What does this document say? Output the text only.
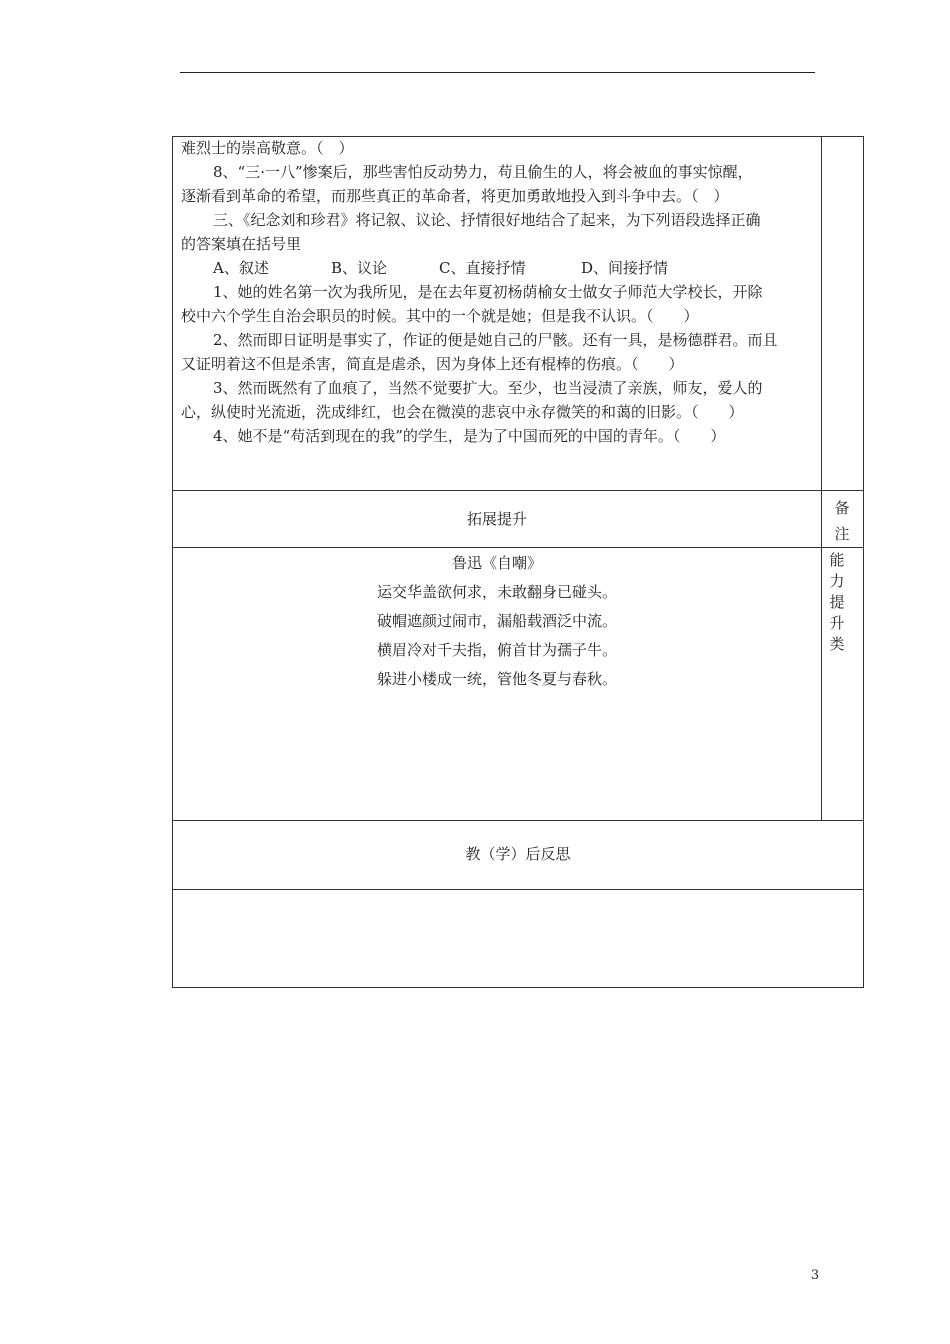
难烈士的崇高敬意。（　）
8、“三·一八”惨案后，那些害怕反动势力，苟且偷生的人，将会被血的事实惊醒，
逐渐看到革命的希望，而那些真正的革命者，将更加勇敢地投入到斗争中去。（　）
三、《纪念刘和珍君》将记叙、议论、抒情很好地结合了起来，为下列语段选择正确
的答案填在括号里
A、叙述	B、议论	C、直接抒情	D、间接抒情
1、她的姓名第一次为我所见，是在去年夏初杨荫榆女士做女子师范大学校长，开除
校中六个学生自治会职员的时候。其中的一个就是她；但是我不认识。（　　）
2、然而即日证明是事实了，作证的便是她自己的尸骸。还有一具，是杨德群君。而且
又证明着这不但是杀害，简直是虐杀，因为身体上还有棍棒的伤痕。（　　）
3、然而既然有了血痕了，当然不觉要扩大。至少，也当浸渍了亲族，师友，爱人的
心，纵使时光流逝，洗成绯红，也会在微漠的悲哀中永存微笑的和蔼的旧影。（　　）
4、她不是“苟活到现在的我”的学生，是为了中国而死的中国的青年。（　　）
拓展提升
备注
鲁迅《自嘲》
运交华盖欲何求，未敢翻身已碰头。
破帽遮颜过闹市，漏船载酒泛中流。
横眉冷对千夫指，俯首甘为孺子牛。
躲进小楼成一统，管他冬夏与春秋。
能力提升类
教（学）后反思
3
